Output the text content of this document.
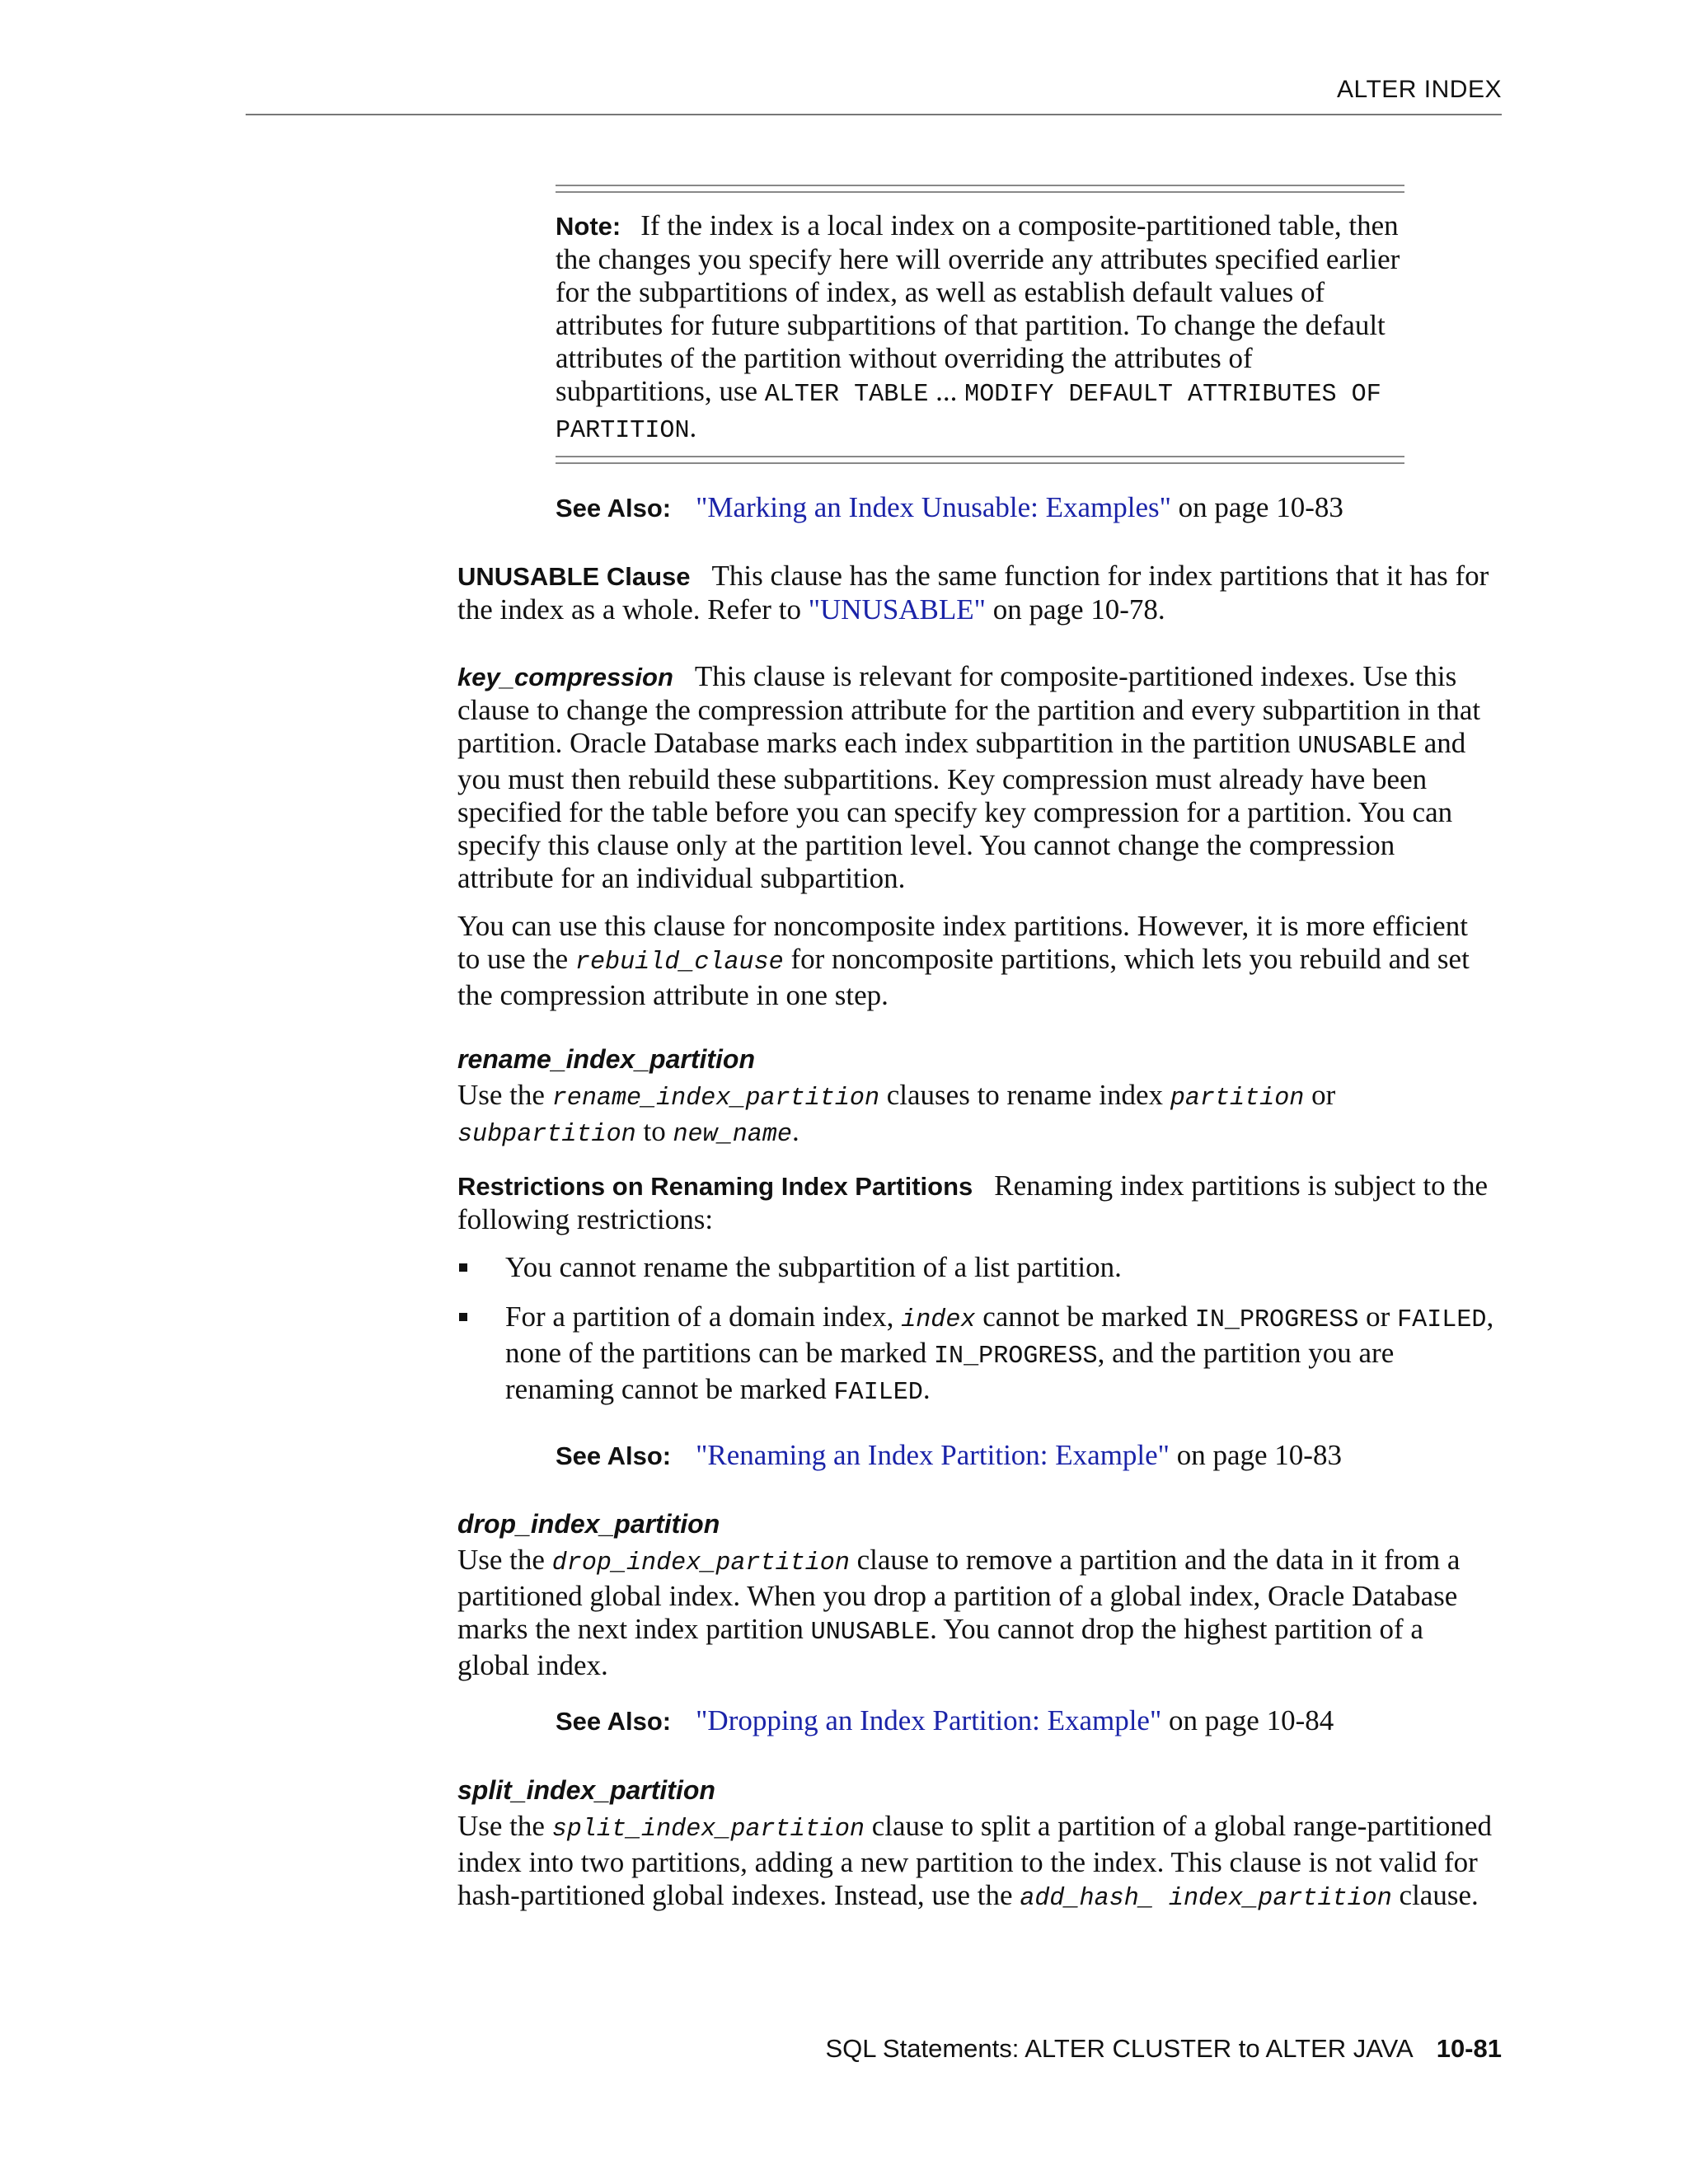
ALTER INDEX
Note: If the index is a local index on a composite-partitioned table, then the changes you specify here will override any attributes specified earlier for the subpartitions of index, as well as establish default values of attributes for future subpartitions of that partition. To change the default attributes of the partition without overriding the attributes of subpartitions, use ALTER TABLE ... MODIFY DEFAULT ATTRIBUTES OF PARTITION.
See Also: "Marking an Index Unusable: Examples" on page 10-83

UNUSABLE Clause This clause has the same function for index partitions that it has for the index as a whole. Refer to "UNUSABLE" on page 10-78.

key_compression This clause is relevant for composite-partitioned indexes. Use this clause to change the compression attribute for the partition and every subpartition in that partition. Oracle Database marks each index subpartition in the partition UNUSABLE and you must then rebuild these subpartitions. Key compression must already have been specified for the table before you can specify key compression for a partition. You can specify this clause only at the partition level. You cannot change the compression attribute for an individual subpartition.

You can use this clause for noncomposite index partitions. However, it is more efficient to use the rebuild_clause for noncomposite partitions, which lets you rebuild and set the compression attribute in one step.

rename_index_partition

Use the rename_index_partition clauses to rename index partition or subpartition to new_name.

Restrictions on Renaming Index Partitions Renaming index partitions is subject to the following restrictions:

You cannot rename the subpartition of a list partition.
For a partition of a domain index, index cannot be marked IN_PROGRESS or FAILED, none of the partitions can be marked IN_PROGRESS, and the partition you are renaming cannot be marked FAILED.
See Also: "Renaming an Index Partition: Example" on page 10-83
drop_index_partition

Use the drop_index_partition clause to remove a partition and the data in it from a partitioned global index. When you drop a partition of a global index, Oracle Database marks the next index partition UNUSABLE. You cannot drop the highest partition of a global index.

See Also: "Dropping an Index Partition: Example" on page 10-84
split_index_partition

Use the split_index_partition clause to split a partition of a global range-partitioned index into two partitions, adding a new partition to the index. This clause is not valid for hash-partitioned global indexes. Instead, use the add_hash_ index_partition clause.

SQL Statements: ALTER CLUSTER to ALTER JAVA 10-81
